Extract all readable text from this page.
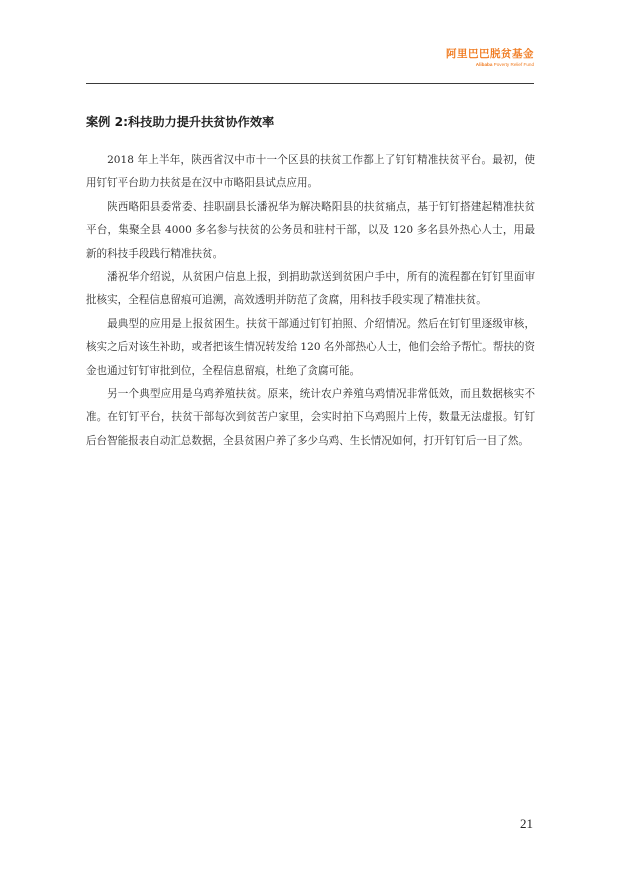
阿里巴巴脱贫基金
Alibaba Poverty Relief Fund
案例 2:科技助力提升扶贫协作效率

2018 年上半年，陕西省汉中市十一个区县的扶贫工作都上了钉钉精准扶贫平台。最初，使用钉钉平台助力扶贫是在汉中市略阳县试点应用。

陕西略阳县委常委、挂职副县长潘祝华为解决略阳县的扶贫痛点，基于钉钉搭建起精准扶贫平台，集聚全县 4000 多名参与扶贫的公务员和驻村干部，以及 120 多名县外热心人士，用最新的科技手段践行精准扶贫。

潘祝华介绍说，从贫困户信息上报，到捐助款送到贫困户手中，所有的流程都在钉钉里面审批核实，全程信息留痕可追溯，高效透明并防范了贪腐，用科技手段实现了精准扶贫。

最典型的应用是上报贫困生。扶贫干部通过钉钉拍照、介绍情况。然后在钉钉里逐级审核，核实之后对该生补助，或者把该生情况转发给 120 名外部热心人士，他们会给予帮忙。帮扶的资金也通过钉钉审批到位，全程信息留痕，杜绝了贪腐可能。

另一个典型应用是乌鸡养殖扶贫。原来，统计农户养殖乌鸡情况非常低效，而且数据核实不准。在钉钉平台，扶贫干部每次到贫苦户家里，会实时拍下乌鸡照片上传，数量无法虚报。钉钉后台智能报表自动汇总数据，全县贫困户养了多少乌鸡、生长情况如何，打开钉钉后一目了然。

21
